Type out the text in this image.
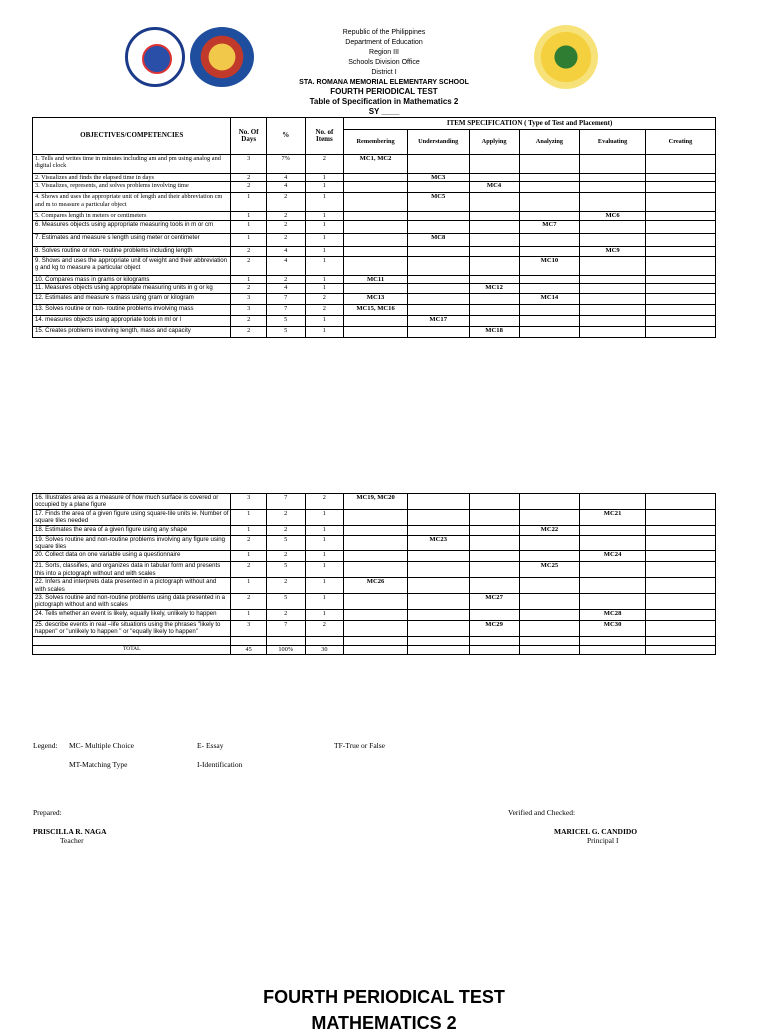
Republic of the Philippines
Department of Education
Region III
Schools Division Office
District I
STA. ROMANA MEMORIAL ELEMENTARY SCHOOL
FOURTH PERIODICAL TEST
Table of Specification in Mathematics 2
SY ____
OBJECTIVES/COMPETENCIES	No. Of Days	%	No. of Items	ITEM SPECIFICATION ( Type of Test and Placement)					
				Remembering	Understanding	Applying	Analyzing	Evaluating	Creating
1. Tells and writes time in minutes including am and pm using analog and digital clock	3	7%	2	MC1, MC2					
2. Visualizes and finds the elapsed time in days	2	4	1		MC3				
3. Visualizes, represents, and solves problems involving time	2	4	1			MC4			
4. Shows and uses the appropriate unit of length and their abbreviation cm and m to measure a particular object	1	2	1		MC5				
5. Compares length in meters or centimeters	1	2	1					MC6	
6. Measures objects using appropriate measuring tools in m or cm	1	2	1				MC7		
7. Estimates and measure s length using meter or centimeter	1	2	1		MC8				
8. Solves routine or non- routine problems including length	2	4	1					MC9	
9. Shows and uses the appropriate unit of weight and their abbreviation g and kg to measure a particular object	2	4	1				MC10		
10. Compares mass in grams or kilograms	1	2	1	MC11					
11. Measures objects using appropriate measuring units in g or kg	2	4	1			MC12			
12. Estimates and measure s mass using gram or kilogram	3	7	2	MC13			MC14		
13. Solves routine or non- routine problems involving mass	3	7	2	MC15, MC16					
14. measures objects using appropriate tools in ml or l	2	5	1		MC17				
15. Creates problems involving length, mass and capacity	2	5	1			MC18			
16. Illustrates area as a measure of how much surface is covered or occupied by a plane figure	3	7	2	MC19, MC20					
17. Finds the area of a given figure using square-tile units ie. Number of square tiles needed	1	2	1					MC21	
18. Estimates the area of a given figure using any shape	1	2	1				MC22		
19. Solves routine and non-routine problems involving any figure using square tiles	2	5	1		MC23				
20. Collect data on one variable using a questionnaire	1	2	1					MC24	
21. Sorts, classifies, and organizes data in tabular form and presents this into a pictograph without and with scales	2	5	1				MC25		
22. Infers and interprets data presented in a pictograph without and with scales	1	2	1	MC26					
23. Solves routine and non-routine problems using data presented in a pictograph without and with scales	2	5	1			MC27			
24. Tells whether an event is likely, equally likely, unlikely to happen	1	2	1					MC28	
25. describe events in real –life situations using the phrases "likely to happen" or "unlikely to happen " or "equally likely to happen"	3	7	2			MC29		MC30	

TOTAL	45	100%	30						
Legend: MC- Multiple Choice	E- Essay	TF-True or False
MT-Matching Type	I-Identification
Prepared:
PRISCILLA R. NAGA
Teacher
Verified and Checked:
MARICEL G. CANDIDO
Principal I
FOURTH PERIODICAL TEST
MATHEMATICS 2
